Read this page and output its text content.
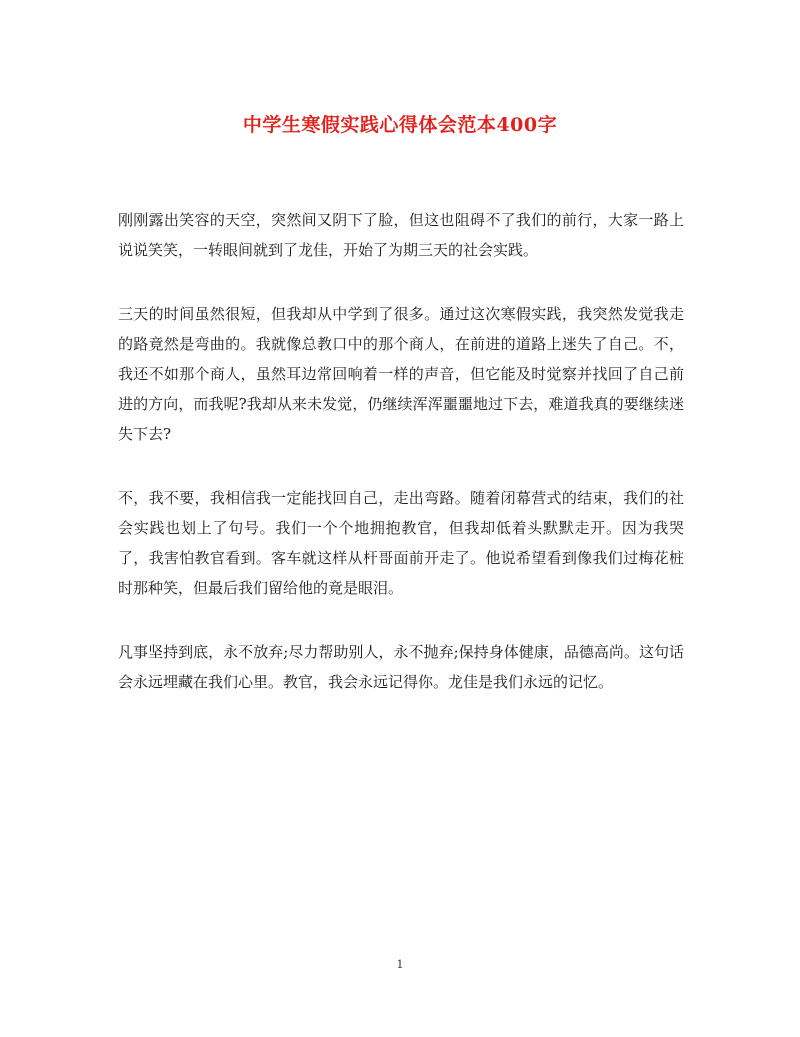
中学生寒假实践心得体会范本400字

刚刚露出笑容的天空，突然间又阴下了脸，但这也阻碍不了我们的前行，大家一路上说说笑笑，一转眼间就到了龙佳，开始了为期三天的社会实践。

三天的时间虽然很短，但我却从中学到了很多。通过这次寒假实践，我突然发觉我走的路竟然是弯曲的。我就像总教口中的那个商人，在前进的道路上迷失了自己。不，我还不如那个商人，虽然耳边常回响着一样的声音，但它能及时觉察并找回了自己前进的方向，而我呢?我却从来未发觉，仍继续浑浑噩噩地过下去，难道我真的要继续迷失下去?

不，我不要，我相信我一定能找回自己，走出弯路。随着闭幕营式的结束，我们的社会实践也划上了句号。我们一个个地拥抱教官，但我却低着头默默走开。因为我哭了，我害怕教官看到。客车就这样从杆哥面前开走了。他说希望看到像我们过梅花桩时那种笑，但最后我们留给他的竟是眼泪。

凡事坚持到底，永不放弃;尽力帮助别人，永不抛弃;保持身体健康，品德高尚。这句话会永远埋藏在我们心里。教官，我会永远记得你。龙佳是我们永远的记忆。

1
